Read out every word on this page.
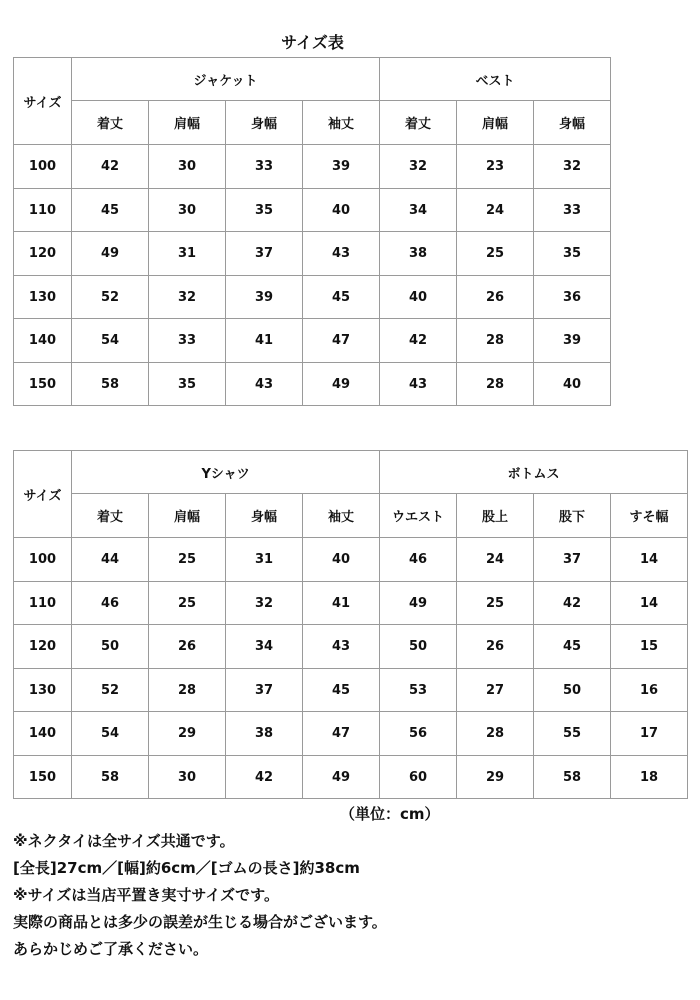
サイズ表
サイズ	ジャケット				ベスト		
	着丈	肩幅	身幅	袖丈	着丈	肩幅	身幅
100	42	30	33	39	32	23	32
110	45	30	35	40	34	24	33
120	49	31	37	43	38	25	35
130	52	32	39	45	40	26	36
140	54	33	41	47	42	28	39
150	58	35	43	49	43	28	40
サイズ	Yシャツ				ボトムス			
	着丈	肩幅	身幅	袖丈	ウエスト	股上	股下	すそ幅
100	44	25	31	40	46	24	37	14
110	46	25	32	41	49	25	42	14
120	50	26	34	43	50	26	45	15
130	52	28	37	45	53	27	50	16
140	54	29	38	47	56	28	55	17
150	58	30	42	49	60	29	58	18
（単位：cm）
※ネクタイは全サイズ共通です。
[全長]27cm／[幅]約6cm／[ゴムの長さ]約38cm
※サイズは当店平置き実寸サイズです。
実際の商品とは多少の誤差が生じる場合がございます。
あらかじめご了承ください。
